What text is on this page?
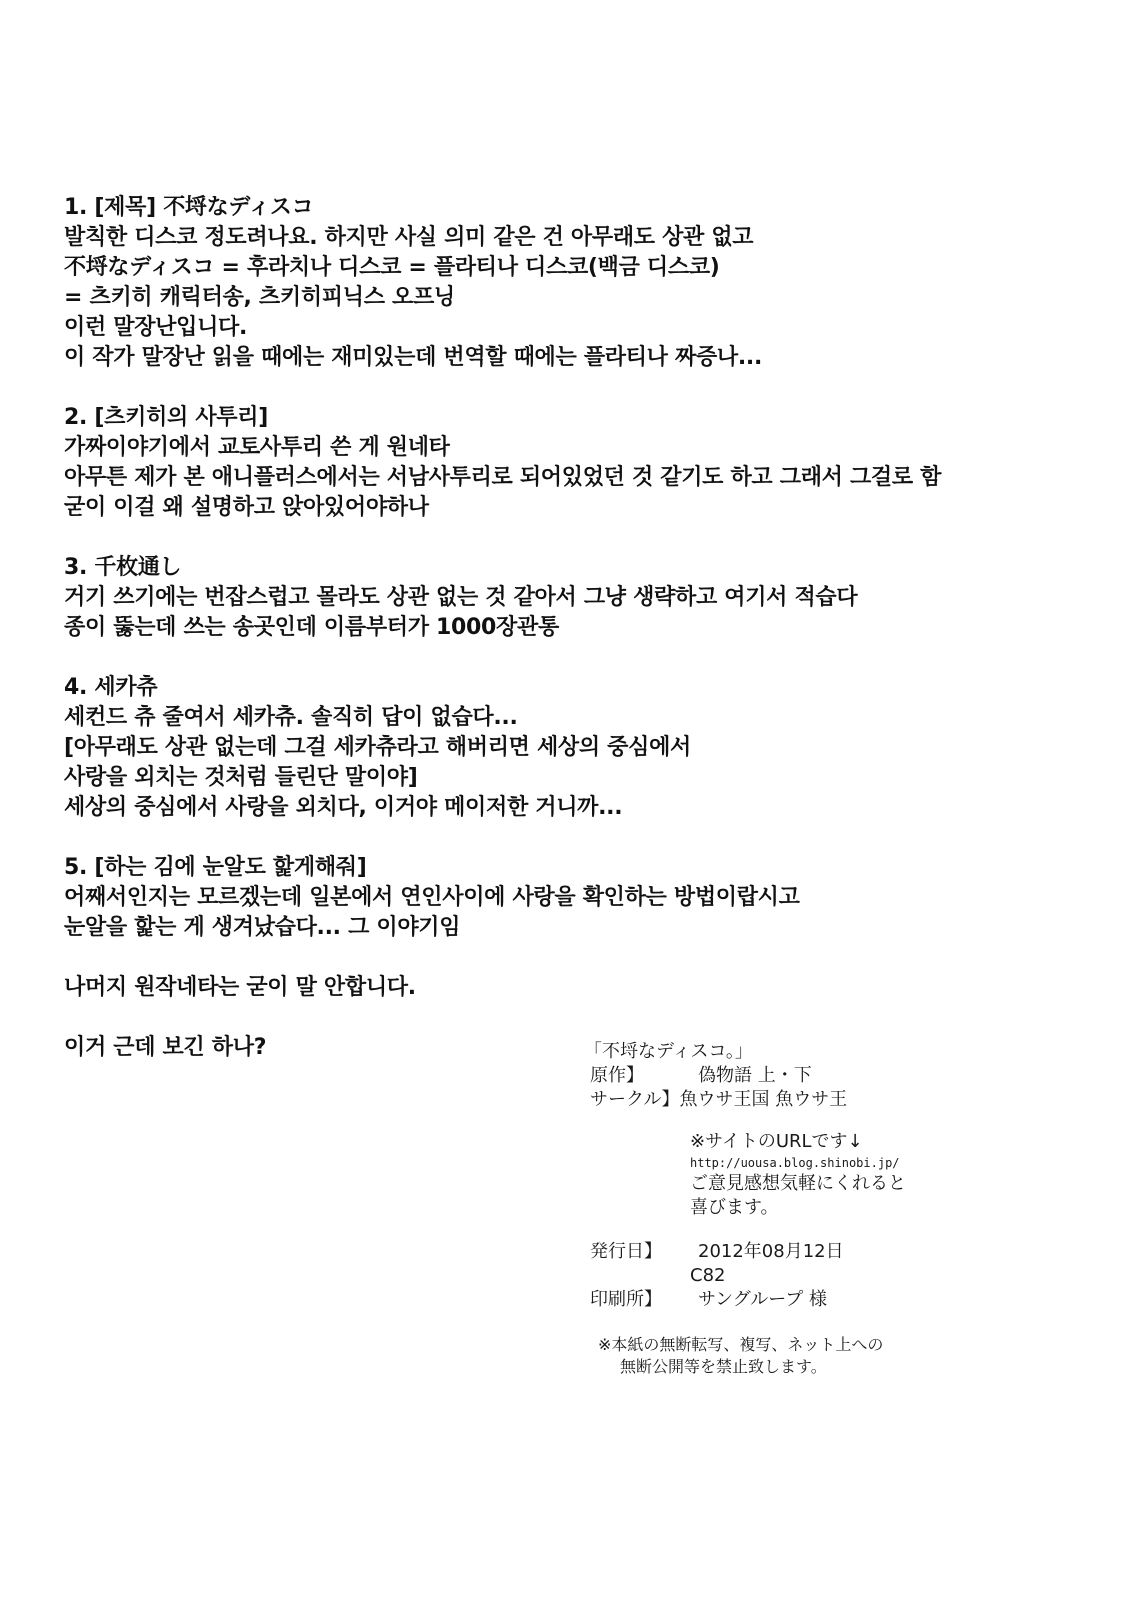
1. [제목] 不埒なディスコ
발칙한 디스코 정도려나요. 하지만 사실 의미 같은 건 아무래도 상관 없고
不埒なディスコ = 후라치나 디스코 = 플라티나 디스코(백금 디스코)
= 츠키히 캐릭터송, 츠키히피닉스 오프닝
이런 말장난입니다.
이 작가 말장난 읽을 때에는 재미있는데 번역할 때에는 플라티나 짜증나...
2. [츠키히의 사투리]
가짜이야기에서 교토사투리 쓴 게 원네타
아무튼 제가 본 애니플러스에서는 서남사투리로 되어있었던 것 같기도 하고 그래서 그걸로 함
굳이 이걸 왜 설명하고 앉아있어야하나
3. 千枚通し
거기 쓰기에는 번잡스럽고 몰라도 상관 없는 것 같아서 그냥 생략하고 여기서 적습다
종이 뚫는데 쓰는 송곳인데 이름부터가 1000장관통
4. 세카츄
세컨드 츄 줄여서 세카츄. 솔직히 답이 없습다...
[아무래도 상관 없는데 그걸 세카츄라고 해버리면 세상의 중심에서
사랑을 외치는 것처럼 들린단 말이야]
세상의 중심에서 사랑을 외치다, 이거야 메이저한 거니까...
5. [하는 김에 눈알도 핥게해줘]
어째서인지는 모르겠는데 일본에서 연인사이에 사랑을 확인하는 방법이랍시고
눈알을 핥는 게 생겨났습다... 그 이야기임
나머지 원작네타는 굳이 말 안합니다.
이거 근데 보긴 하나?	「不埒なディスコ。」
原作】	偽物語 上・下
サークル】魚ウサ王国 魚ウサ王
※サイトのURLです↓
http://uousa.blog.shinobi.jp/
ご意見感想気軽にくれると
喜びます。
発行日】 2012年08月12日
C82
印刷所】 サングループ 様
※本紙の無断転写、複写、ネット上への
無断公開等を禁止致します。
